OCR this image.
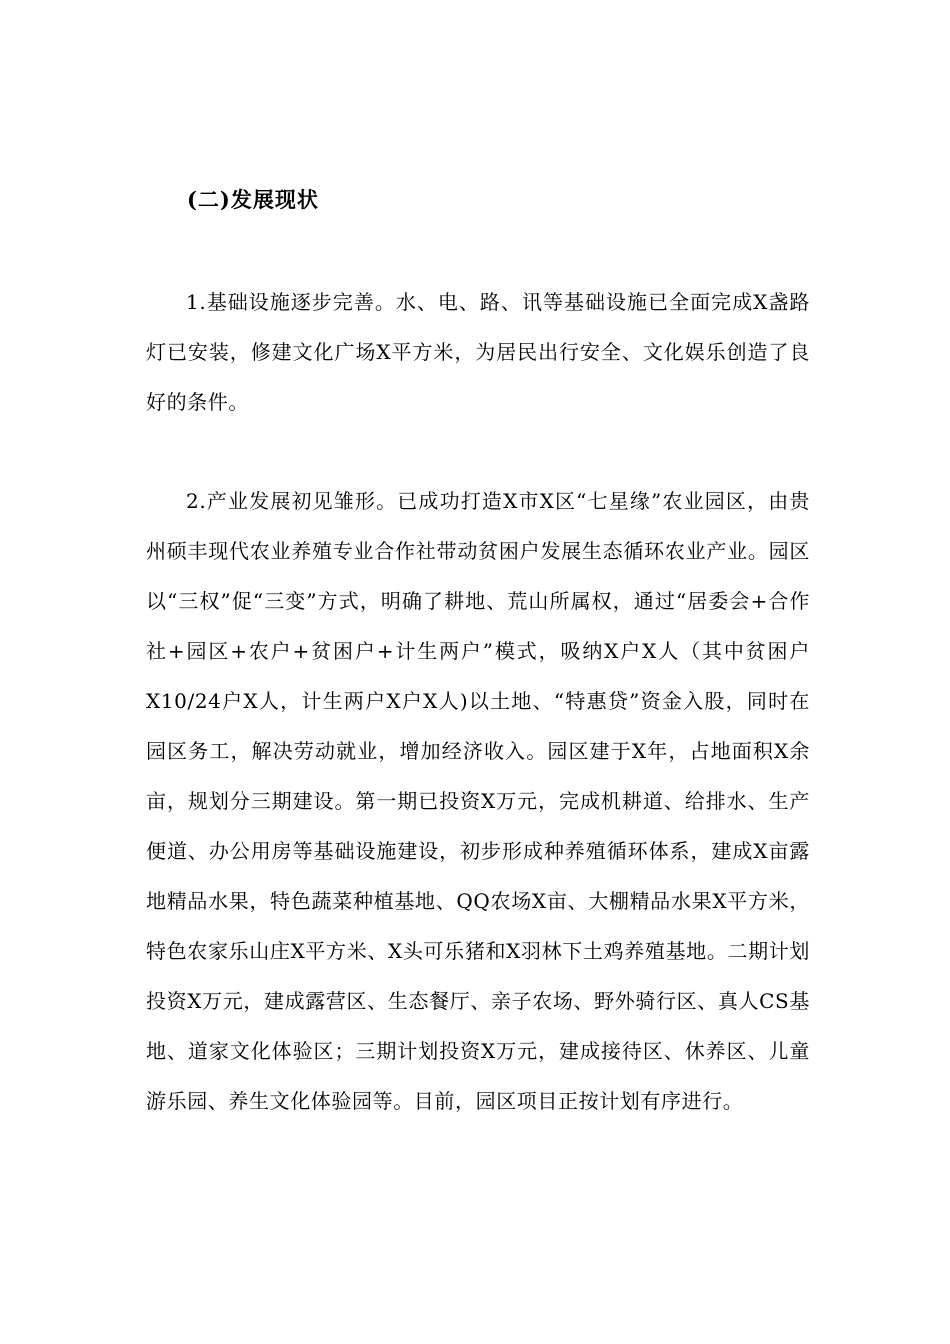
(二)发展现状

1.基础设施逐步完善。水、电、路、讯等基础设施已全面完成X盏路灯已安装，修建文化广场X平方米，为居民出行安全、文化娱乐创造了良好的条件。

2.产业发展初见雏形。已成功打造X市X区“七星缘”农业园区，由贵州硕丰现代农业养殖专业合作社带动贫困户发展生态循环农业产业。园区以“三权”促“三变”方式，明确了耕地、荒山所属权，通过“居委会+合作社+园区+农户+贫困户+计生两户”模式，吸纳X户X人（其中贫困户X10/24户X人，计生两户X户X人)以土地、“特惠贷”资金入股，同时在园区务工，解决劳动就业，增加经济收入。园区建于X年，占地面积X余亩，规划分三期建设。第一期已投资X万元，完成机耕道、给排水、生产便道、办公用房等基础设施建设，初步形成种养殖循环体系，建成X亩露地精品水果，特色蔬菜种植基地、QQ农场X亩、大棚精品水果X平方米，特色农家乐山庄X平方米、X头可乐猪和X羽林下土鸡养殖基地。二期计划投资X万元，建成露营区、生态餐厅、亲子农场、野外骑行区、真人CS基地、道家文化体验区；三期计划投资X万元，建成接待区、休养区、儿童游乐园、养生文化体验园等。目前，园区项目正按计划有序进行。
